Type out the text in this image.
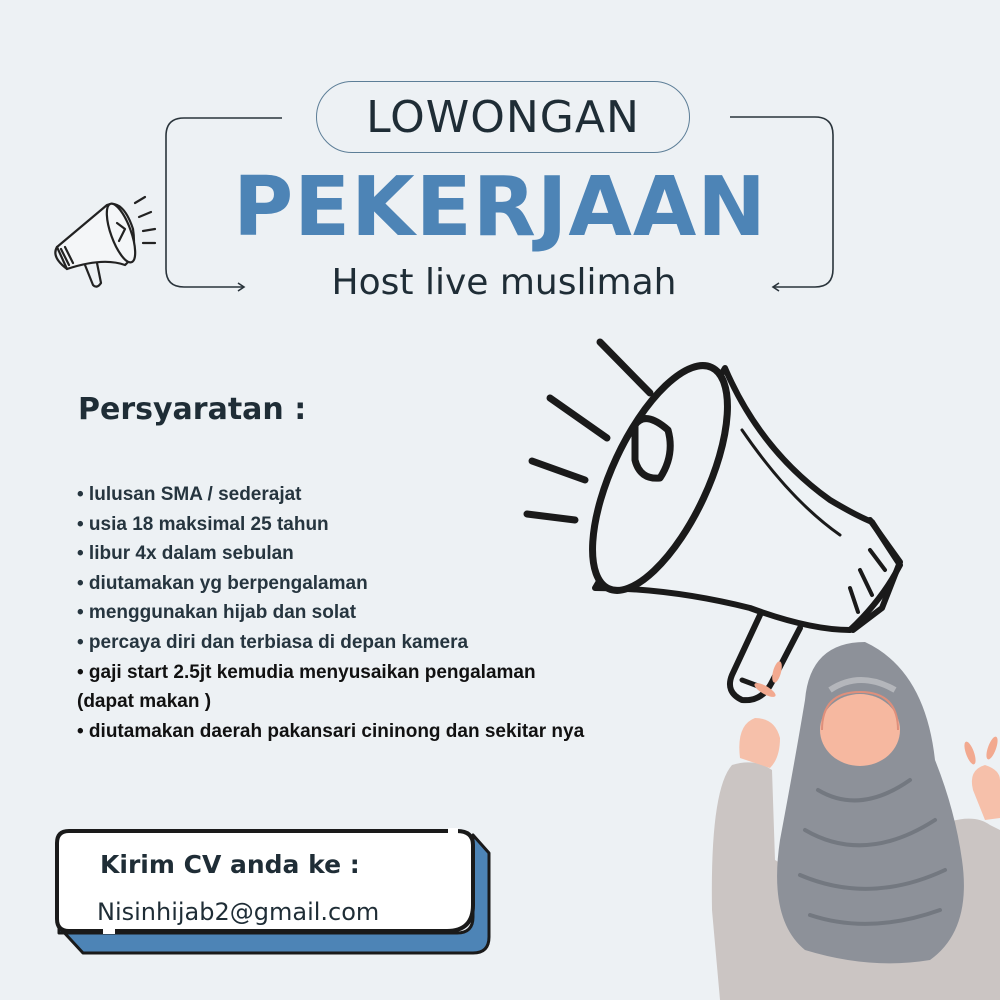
LOWONGAN
PEKERJAAN
Host live muslimah
Persyaratan :
• lulusan SMA / sederajat
• usia 18 maksimal 25 tahun
• libur 4x dalam sebulan
• diutamakan yg berpengalaman
• menggunakan hijab dan solat
• percaya diri dan terbiasa di depan kamera
• gaji start 2.5jt kemudia menyusaikan pengalaman
(dapat makan )
• diutamakan daerah pakansari cininong dan sekitar nya
Kirim CV anda ke :
Nisinhijab2@gmail.com
